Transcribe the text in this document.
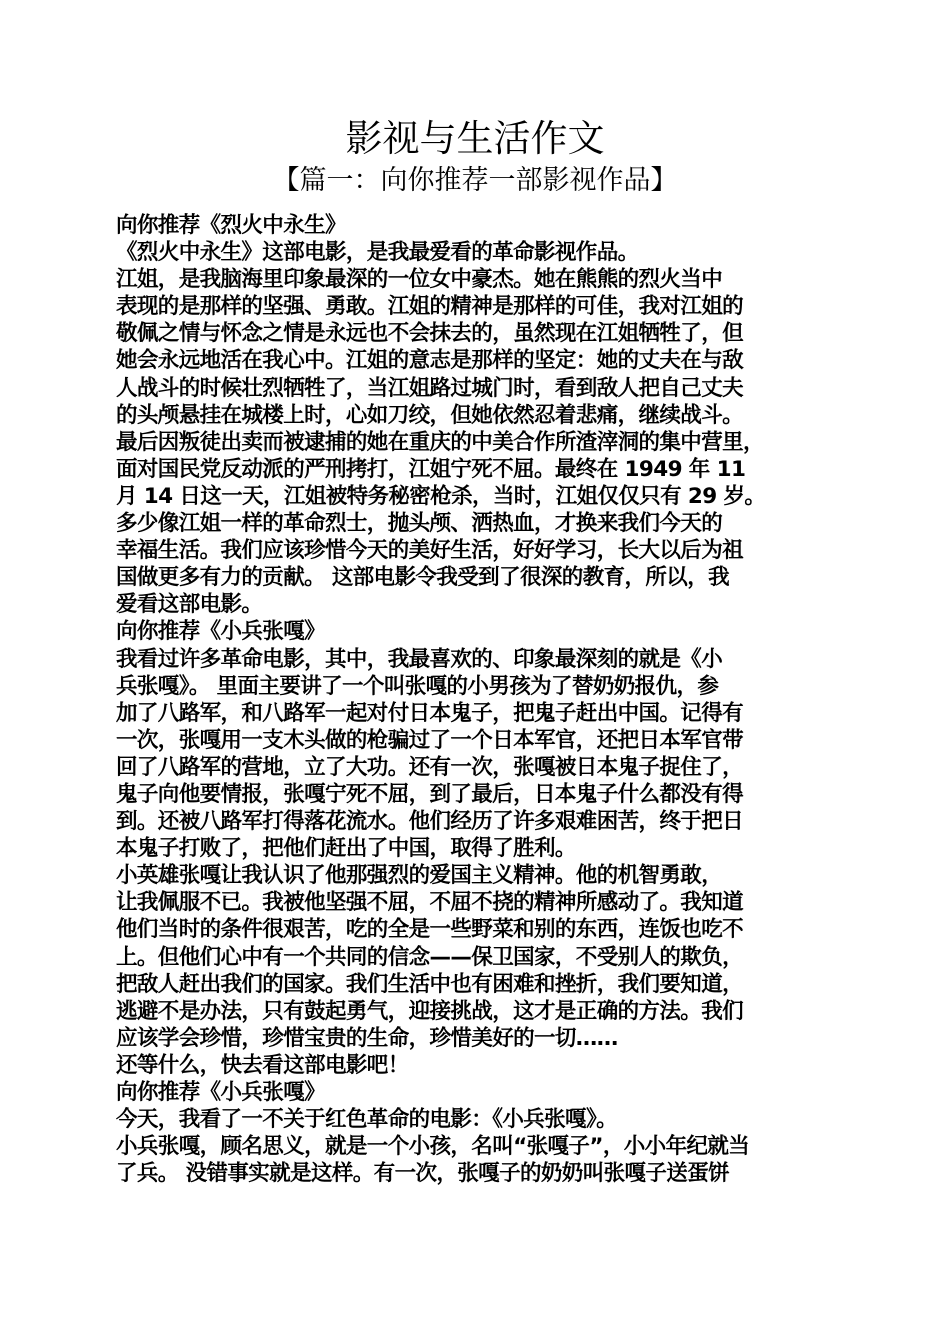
影视与生活作文
【篇一：向你推荐一部影视作品】
向你推荐《烈火中永生》
《烈火中永生》这部电影，是我最爱看的革命影视作品。
江姐，是我脑海里印象最深的一位女中豪杰。她在熊熊的烈火当中
表现的是那样的坚强、勇敢。江姐的精神是那样的可佳，我对江姐的
敬佩之情与怀念之情是永远也不会抹去的，虽然现在江姐牺牲了，但
她会永远地活在我心中。江姐的意志是那样的坚定：她的丈夫在与敌
人战斗的时候壮烈牺牲了，当江姐路过城门时，看到敌人把自己丈夫
的头颅悬挂在城楼上时，心如刀绞，但她依然忍着悲痛，继续战斗。
最后因叛徒出卖而被逮捕的她在重庆的中美合作所渣滓洞的集中营里，
面对国民党反动派的严刑拷打，江姐宁死不屈。最终在 1949 年 11
月 14 日这一天，江姐被特务秘密枪杀，当时，江姐仅仅只有 29 岁。
多少像江姐一样的革命烈士，抛头颅、洒热血，才换来我们今天的
幸福生活。我们应该珍惜今天的美好生活，好好学习，长大以后为祖
国做更多有力的贡献。 这部电影令我受到了很深的教育，所以，我
爱看这部电影。
向你推荐《小兵张嘎》
我看过许多革命电影，其中，我最喜欢的、印象最深刻的就是《小
兵张嘎》。 里面主要讲了一个叫张嘎的小男孩为了替奶奶报仇，参
加了八路军，和八路军一起对付日本鬼子，把鬼子赶出中国。记得有
一次，张嘎用一支木头做的枪骗过了一个日本军官，还把日本军官带
回了八路军的营地，立了大功。还有一次，张嘎被日本鬼子捉住了，
鬼子向他要情报，张嘎宁死不屈，到了最后，日本鬼子什么都没有得
到。还被八路军打得落花流水。他们经历了许多艰难困苦，终于把日
本鬼子打败了，把他们赶出了中国，取得了胜利。
小英雄张嘎让我认识了他那强烈的爱国主义精神。他的机智勇敢，
让我佩服不已。我被他坚强不屈，不屈不挠的精神所感动了。我知道
他们当时的条件很艰苦，吃的全是一些野菜和别的东西，连饭也吃不
上。但他们心中有一个共同的信念——保卫国家，不受别人的欺负，
把敌人赶出我们的国家。我们生活中也有困难和挫折，我们要知道，
逃避不是办法，只有鼓起勇气，迎接挑战，这才是正确的方法。我们
应该学会珍惜，珍惜宝贵的生命，珍惜美好的一切……
还等什么，快去看这部电影吧！
向你推荐《小兵张嘎》
今天，我看了一不关于红色革命的电影：《小兵张嘎》。
小兵张嘎，顾名思义，就是一个小孩，名叫“张嘎子”，小小年纪就当
了兵。 没错事实就是这样。有一次，张嘎子的奶奶叫张嘎子送蛋饼
